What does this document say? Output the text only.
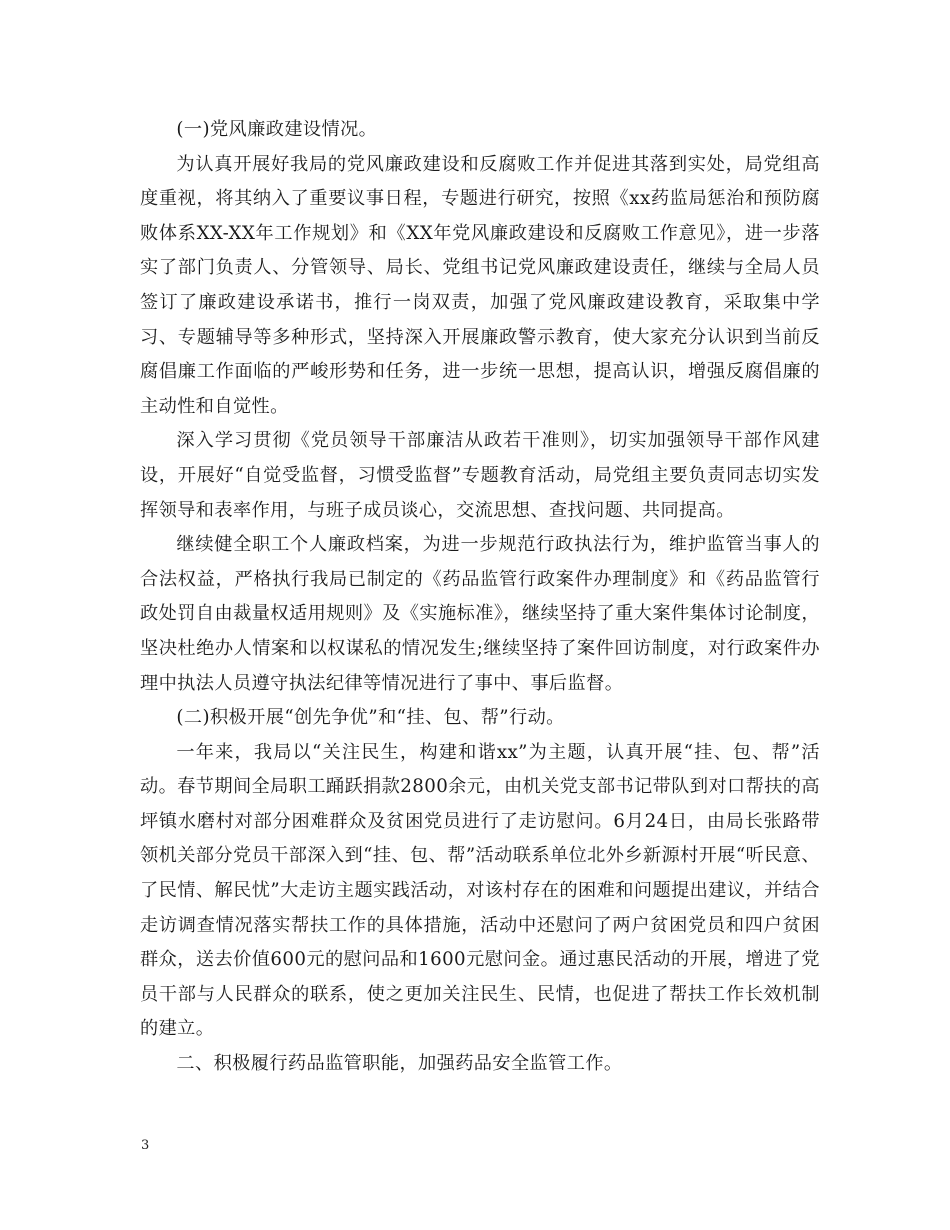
(一)党风廉政建设情况。

为认真开展好我局的党风廉政建设和反腐败工作并促进其落到实处，局党组高度重视，将其纳入了重要议事日程，专题进行研究，按照《xx药监局惩治和预防腐败体系XX-XX年工作规划》和《XX年党风廉政建设和反腐败工作意见》，进一步落实了部门负责人、分管领导、局长、党组书记党风廉政建设责任，继续与全局人员签订了廉政建设承诺书，推行一岗双责，加强了党风廉政建设教育，采取集中学习、专题辅导等多种形式，坚持深入开展廉政警示教育，使大家充分认识到当前反腐倡廉工作面临的严峻形势和任务，进一步统一思想，提高认识，增强反腐倡廉的主动性和自觉性。

深入学习贯彻《党员领导干部廉洁从政若干准则》，切实加强领导干部作风建设，开展好“自觉受监督，习惯受监督”专题教育活动，局党组主要负责同志切实发挥领导和表率作用，与班子成员谈心，交流思想、查找问题、共同提高。

继续健全职工个人廉政档案，为进一步规范行政执法行为，维护监管当事人的合法权益，严格执行我局已制定的《药品监管行政案件办理制度》和《药品监管行政处罚自由裁量权适用规则》及《实施标准》，继续坚持了重大案件集体讨论制度，坚决杜绝办人情案和以权谋私的情况发生;继续坚持了案件回访制度，对行政案件办理中执法人员遵守执法纪律等情况进行了事中、事后监督。

(二)积极开展“创先争优”和“挂、包、帮”行动。

一年来，我局以“关注民生，构建和谐xx”为主题，认真开展“挂、包、帮”活动。春节期间全局职工踊跃捐款2800余元，由机关党支部书记带队到对口帮扶的高坪镇水磨村对部分困难群众及贫困党员进行了走访慰问。6月24日，由局长张路带领机关部分党员干部深入到“挂、包、帮”活动联系单位北外乡新源村开展“听民意、了民情、解民忧”大走访主题实践活动，对该村存在的困难和问题提出建议，并结合走访调查情况落实帮扶工作的具体措施，活动中还慰问了两户贫困党员和四户贫困群众，送去价值600元的慰问品和1600元慰问金。通过惠民活动的开展，增进了党员干部与人民群众的联系，使之更加关注民生、民情，也促进了帮扶工作长效机制的建立。

二、积极履行药品监管职能，加强药品安全监管工作。

3
